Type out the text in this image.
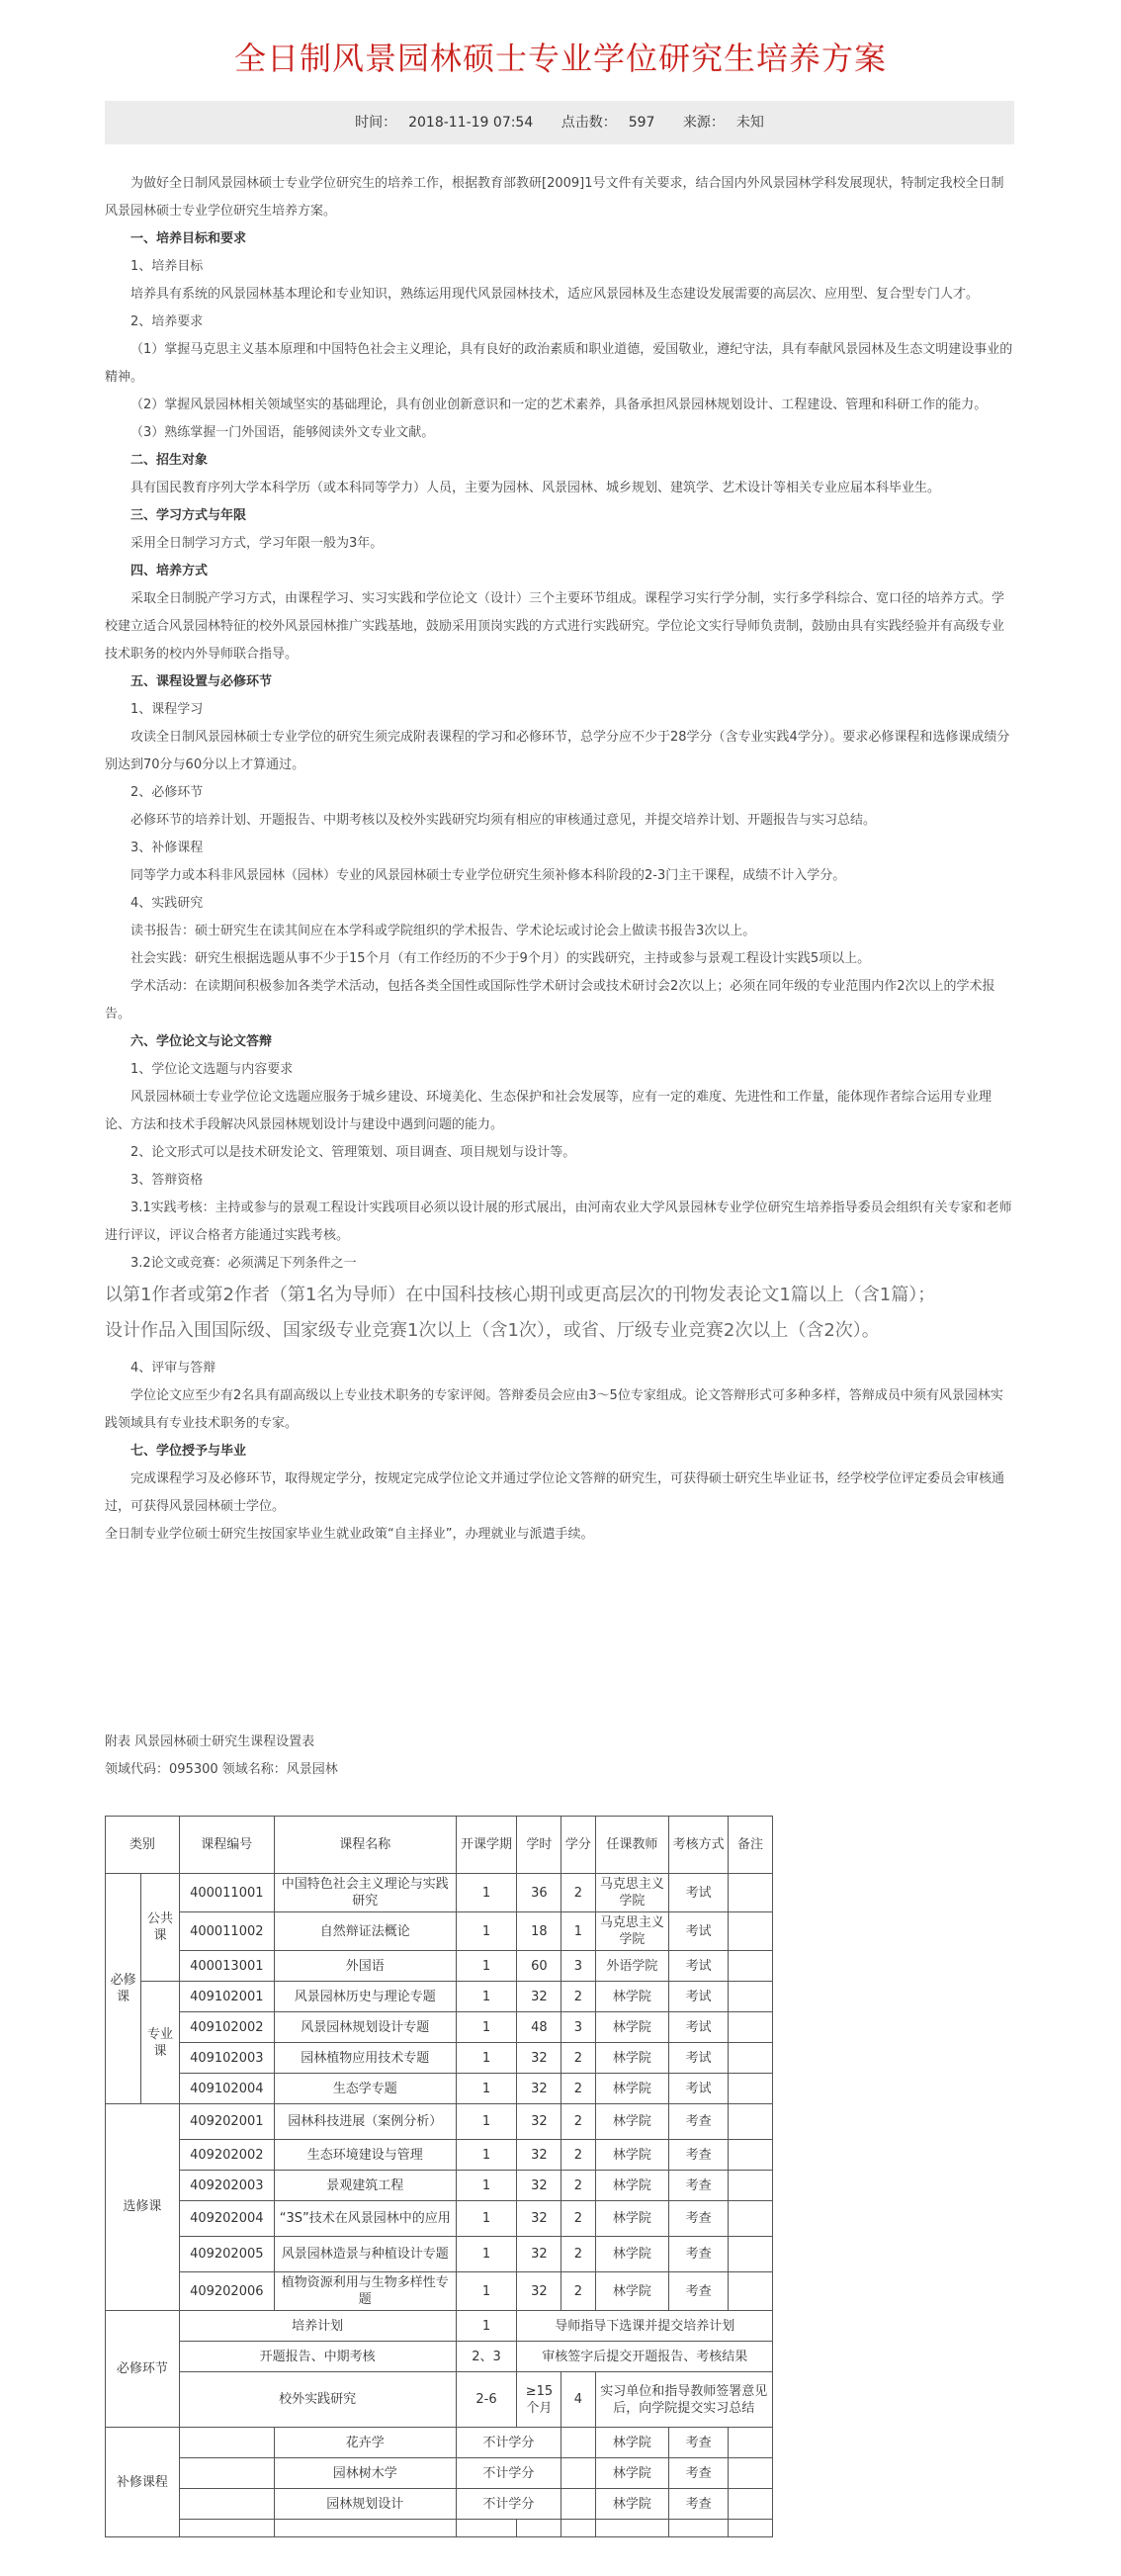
全日制风景园林硕士专业学位研究生培养方案
时间： 2018-11-19 07:54 点击数： 597 来源： 未知

为做好全日制风景园林硕士专业学位研究生的培养工作，根据教育部教研[2009]1号文件有关要求，结合国内外风景园林学科发展现状，特制定我校全日制风景园林硕士专业学位研究生培养方案。

一、培养目标和要求

1、培养目标

培养具有系统的风景园林基本理论和专业知识，熟练运用现代风景园林技术，适应风景园林及生态建设发展需要的高层次、应用型、复合型专门人才。

2、培养要求

（1）掌握马克思主义基本原理和中国特色社会主义理论，具有良好的政治素质和职业道德，爱国敬业，遵纪守法，具有奉献风景园林及生态文明建设事业的精神。

（2）掌握风景园林相关领域坚实的基础理论，具有创业创新意识和一定的艺术素养，具备承担风景园林规划设计、工程建设、管理和科研工作的能力。

（3）熟练掌握一门外国语，能够阅读外文专业文献。

二、招生对象

具有国民教育序列大学本科学历（或本科同等学力）人员，主要为园林、风景园林、城乡规划、建筑学、艺术设计等相关专业应届本科毕业生。

三、学习方式与年限

采用全日制学习方式，学习年限一般为3年。

四、培养方式

采取全日制脱产学习方式，由课程学习、实习实践和学位论文（设计）三个主要环节组成。课程学习实行学分制，实行多学科综合、宽口径的培养方式。学校建立适合风景园林特征的校外风景园林推广实践基地，鼓励采用顶岗实践的方式进行实践研究。学位论文实行导师负责制，鼓励由具有实践经验并有高级专业技术职务的校内外导师联合指导。

五、课程设置与必修环节

1、课程学习

攻读全日制风景园林硕士专业学位的研究生须完成附表课程的学习和必修环节，总学分应不少于28学分（含专业实践4学分）。要求必修课程和选修课成绩分别达到70分与60分以上才算通过。

2、必修环节

必修环节的培养计划、开题报告、中期考核以及校外实践研究均须有相应的审核通过意见，并提交培养计划、开题报告与实习总结。

3、补修课程

同等学力或本科非风景园林（园林）专业的风景园林硕士专业学位研究生须补修本科阶段的2-3门主干课程，成绩不计入学分。

4、实践研究

读书报告：硕士研究生在读其间应在本学科或学院组织的学术报告、学术论坛或讨论会上做读书报告3次以上。

社会实践：研究生根据选题从事不少于15个月（有工作经历的不少于9个月）的实践研究，主持或参与景观工程设计实践5项以上。

学术活动：在读期间积极参加各类学术活动，包括各类全国性或国际性学术研讨会或技术研讨会2次以上；必须在同年级的专业范围内作2次以上的学术报告。

六、学位论文与论文答辩

1、学位论文选题与内容要求

风景园林硕士专业学位论文选题应服务于城乡建设、环境美化、生态保护和社会发展等，应有一定的难度、先进性和工作量，能体现作者综合运用专业理论、方法和技术手段解决风景园林规划设计与建设中遇到问题的能力。

2、论文形式可以是技术研发论文、管理策划、项目调查、项目规划与设计等。

3、答辩资格

3.1实践考核：主持或参与的景观工程设计实践项目必须以设计展的形式展出，由河南农业大学风景园林专业学位研究生培养指导委员会组织有关专家和老师进行评议，评议合格者方能通过实践考核。

3.2论文或竞赛：必须满足下列条件之一

以第1作者或第2作者（第1名为导师）在中国科技核心期刊或更高层次的刊物发表论文1篇以上（含1篇）；

设计作品入围国际级、国家级专业竞赛1次以上（含1次），或省、厅级专业竞赛2次以上（含2次）。

4、评审与答辩

学位论文应至少有2名具有副高级以上专业技术职务的专家评阅。答辩委员会应由3～5位专家组成。论文答辩形式可多种多样，答辩成员中须有风景园林实践领域具有专业技术职务的专家。

七、学位授予与毕业

完成课程学习及必修环节，取得规定学分，按规定完成学位论文并通过学位论文答辩的研究生，可获得硕士研究生毕业证书，经学校学位评定委员会审核通过，可获得风景园林硕士学位。

全日制专业学位硕士研究生按国家毕业生就业政策“自主择业”，办理就业与派遣手续。

附表 风景园林硕士研究生课程设置表
领域代码：095300 领域名称：风景园林
类别		课程编号	课程名称	开课学期	学时	学分	任课教师	考核方式	备注
必修课	公共课	400011001	中国特色社会主义理论与实践研究	1	36	2	马克思主义学院	考试	
		400011002	自然辩证法概论	1	18	1	马克思主义学院	考试	
		400013001	外国语	1	60	3	外语学院	考试	
	专业课	409102001	风景园林历史与理论专题	1	32	2	林学院	考试	
		409102002	风景园林规划设计专题	1	48	3	林学院	考试	
		409102003	园林植物应用技术专题	1	32	2	林学院	考试	
		409102004	生态学专题	1	32	2	林学院	考试	
选修课		409202001	园林科技进展（案例分析）	1	32	2	林学院	考查	
		409202002	生态环境建设与管理	1	32	2	林学院	考查	
		409202003	景观建筑工程	1	32	2	林学院	考查	
		409202004	“3S”技术在风景园林中的应用	1	32	2	林学院	考查	
		409202005	风景园林造景与种植设计专题	1	32	2	林学院	考查	
		409202006	植物资源利用与生物多样性专题	1	32	2	林学院	考查	
必修环节		培养计划		1	导师指导下选课并提交培养计划				
		开题报告、中期考核		2、3	审核签字后提交开题报告、考核结果				
		校外实践研究		2-6	≥15个月	4	实习单位和指导教师签署意见后，向学院提交实习总结		
补修课程			花卉学	不计学分			林学院	考查	
			园林树木学	不计学分			林学院	考查	
			园林规划设计	不计学分			林学院	考查	
